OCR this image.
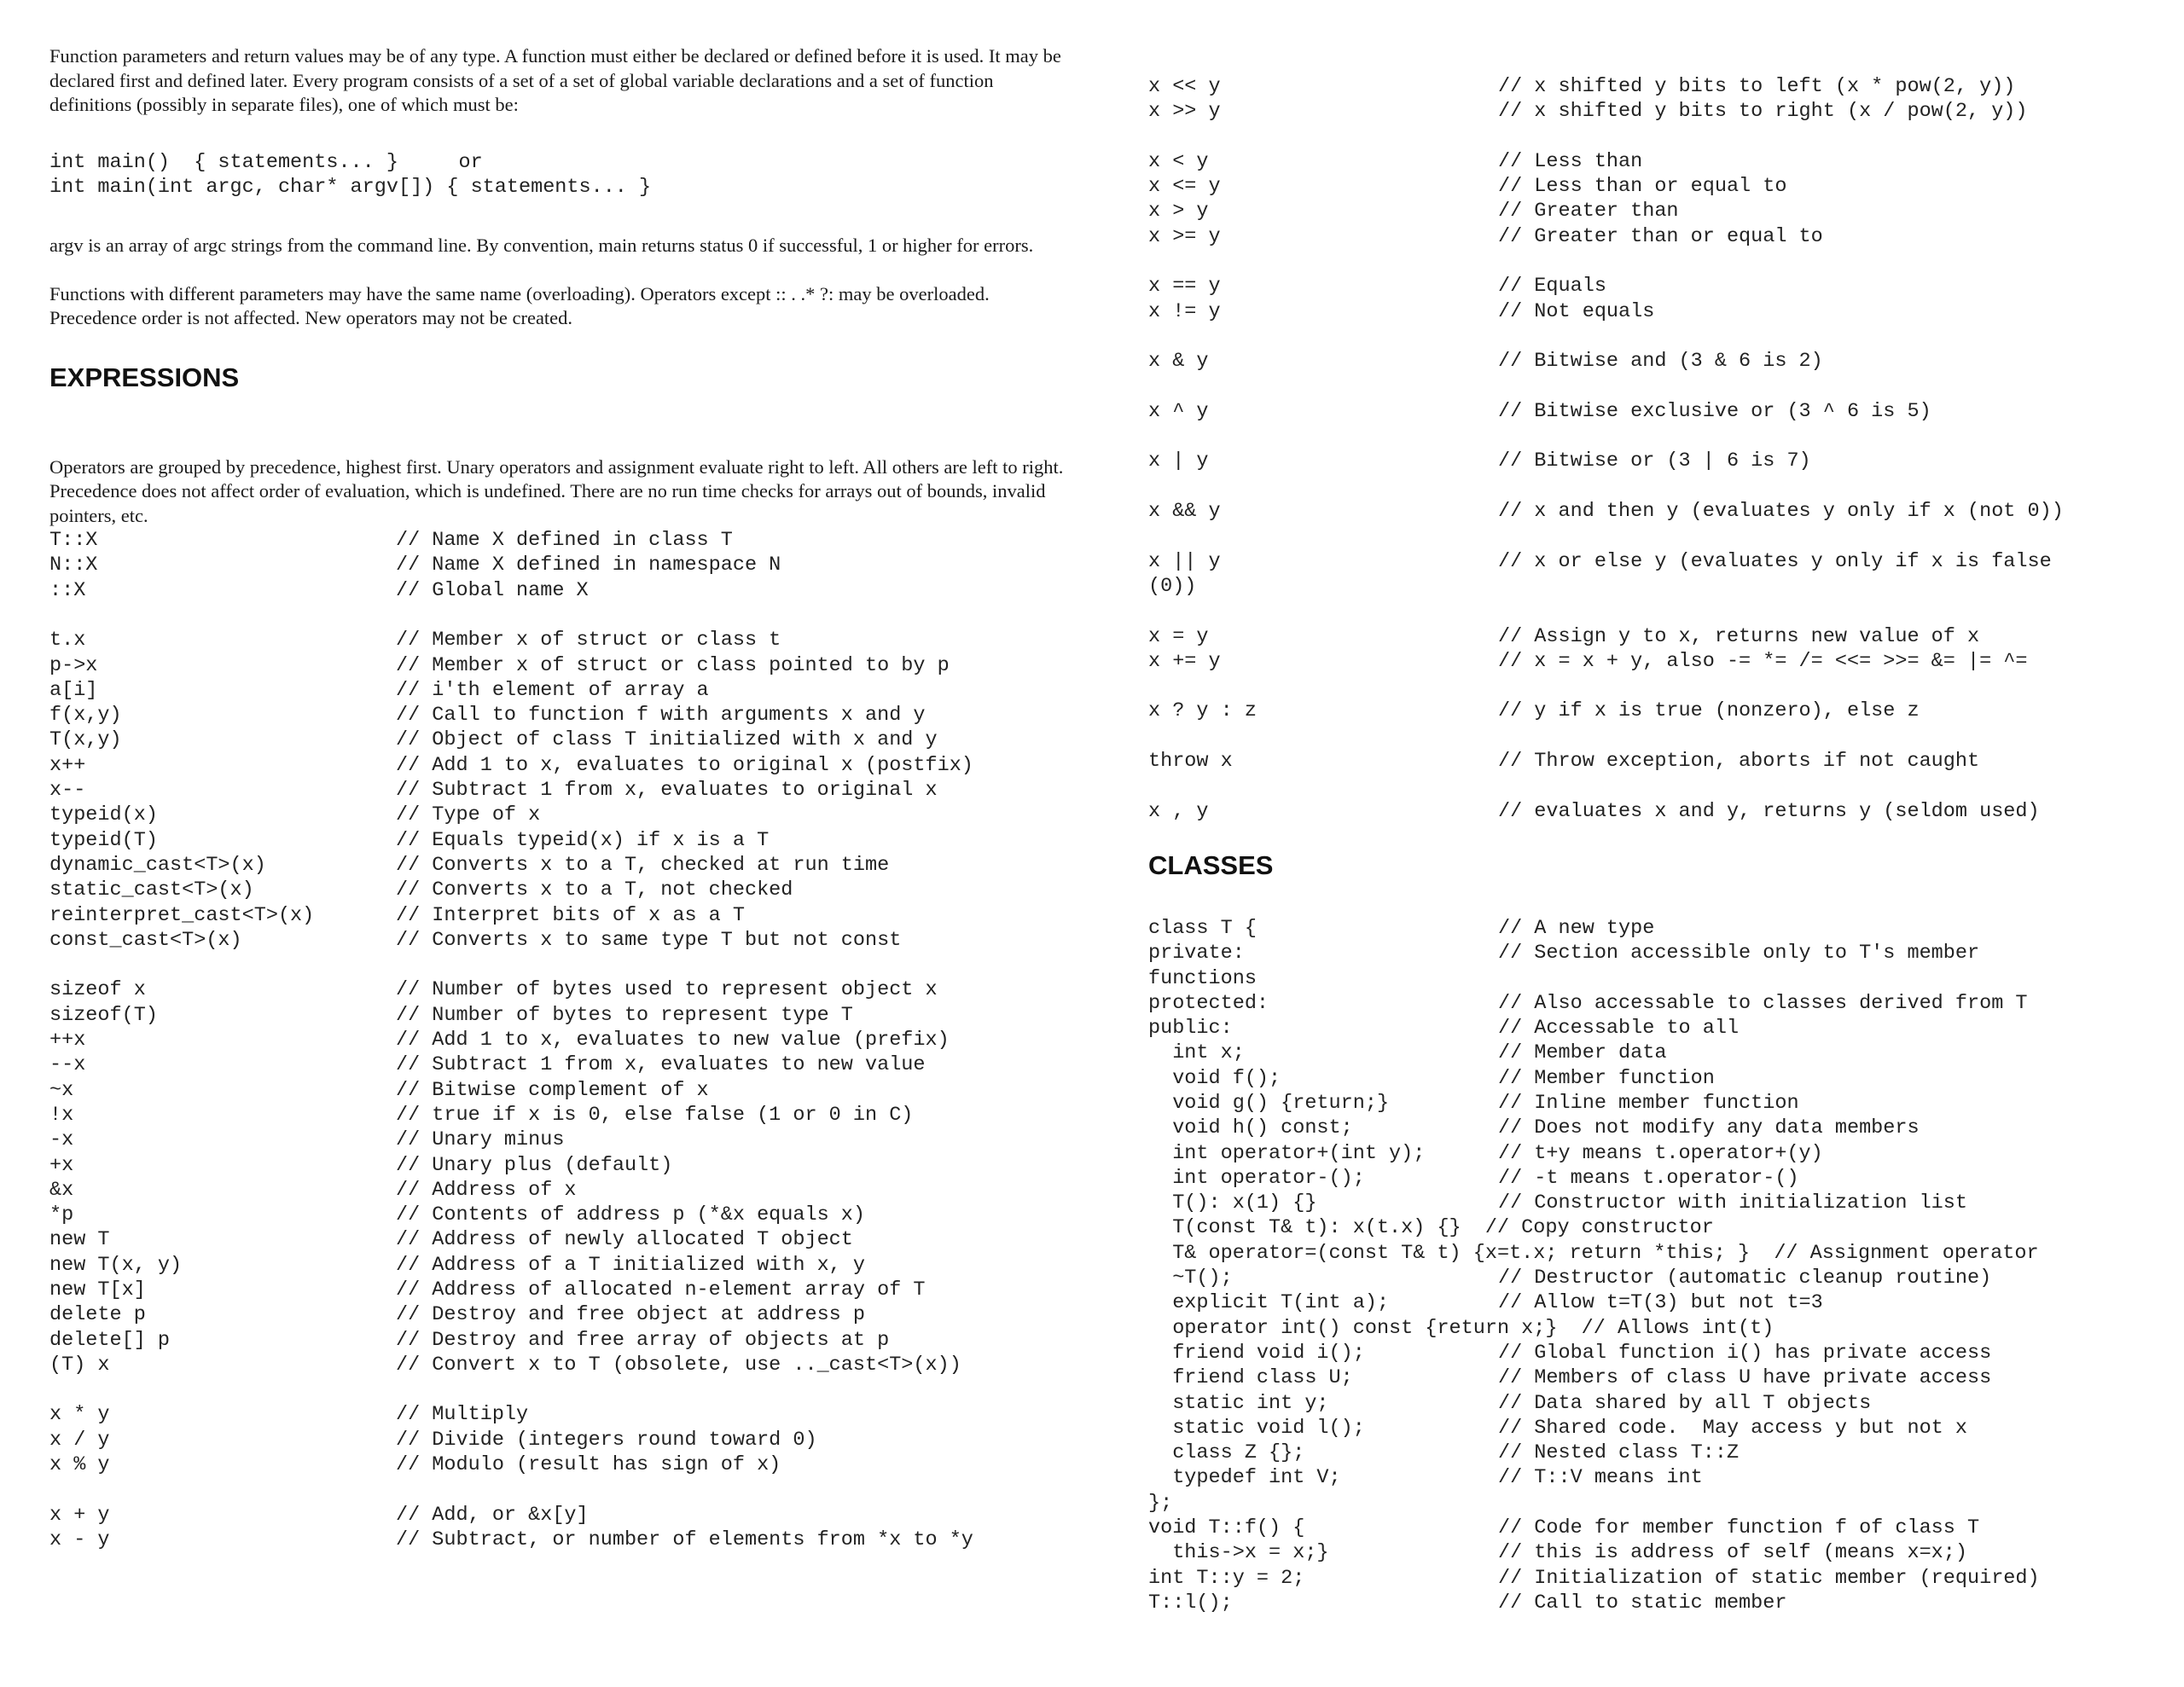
Function parameters and return values may be of any type. A function must either be declared or defined before it is used. It may be declared first and defined later. Every program consists of a set of a set of global variable declarations and a set of function definitions (possibly in separate files), one of which must be:

int main()  { statements... }     or
int main(int argc, char* argv[]) { statements... }

argv is an array of argc strings from the command line. By convention, main returns status 0 if successful, 1 or higher for errors.

Functions with different parameters may have the same name (overloading). Operators except :: . .* ?: may be overloaded. Precedence order is not affected. New operators may not be created.

EXPRESSIONS

Operators are grouped by precedence, highest first. Unary operators and assignment evaluate right to left. All others are left to right. Precedence does not affect order of evaluation, which is undefined. There are no run time checks for arrays out of bounds, invalid pointers, etc.

T::X	// Name X defined in class T
N::X	// Name X defined in namespace N
::X	// Global name X
t.x	// Member x of struct or class t
p->x	// Member x of struct or class pointed to by p
a[i]	// i'th element of array a
f(x,y)	// Call to function f with arguments x and y
T(x,y)	// Object of class T initialized with x and y
x++	// Add 1 to x, evaluates to original x (postfix)
x--	// Subtract 1 from x, evaluates to original x
typeid(x)	// Type of x
typeid(T)	// Equals typeid(x) if x is a T
dynamic_cast<T>(x)	// Converts x to a T, checked at run time
static_cast<T>(x)	// Converts x to a T, not checked
reinterpret_cast<T>(x)	// Interpret bits of x as a T
const_cast<T>(x)	// Converts x to same type T but not const
sizeof x	// Number of bytes used to represent object x
sizeof(T)	// Number of bytes to represent type T
++x	// Add 1 to x, evaluates to new value (prefix)
--x	// Subtract 1 from x, evaluates to new value
~x	// Bitwise complement of x
!x	// true if x is 0, else false (1 or 0 in C)
-x	// Unary minus
+x	// Unary plus (default)
&x	// Address of x
*p	// Contents of address p (*&x equals x)
new T	// Address of newly allocated T object
new T(x, y)	// Address of a T initialized with x, y
new T[x]	// Address of allocated n-element array of T
delete p	// Destroy and free object at address p
delete[] p	// Destroy and free array of objects at p
(T) x	// Convert x to T (obsolete, use .._cast<T>(x))
x * y	// Multiply
x / y	// Divide (integers round toward 0)
x % y	// Modulo (result has sign of x)
x + y	// Add, or &x[y]
x - y	// Subtract, or number of elements from *x to *y
x << y	// x shifted y bits to left (x * pow(2, y))
x >> y	// x shifted y bits to right (x / pow(2, y))
x < y	// Less than
x <= y	// Less than or equal to
x > y	// Greater than
x >= y	// Greater than or equal to
x == y	// Equals
x != y	// Not equals
x & y	// Bitwise and (3 & 6 is 2)
x ^ y	// Bitwise exclusive or (3 ^ 6 is 5)
x | y	// Bitwise or (3 | 6 is 7)
x && y	// x and then y (evaluates y only if x (not 0))
x || y	// x or else y (evaluates y only if x is false
(0))
x = y	// Assign y to x, returns new value of x
x += y	// x = x + y, also -= *= /= <<= >>= &= |= ^=
x ? y : z	// y if x is true (nonzero), else z
throw x	// Throw exception, aborts if not caught
x , y	// evaluates x and y, returns y (seldom used)
CLASSES
class T {	// A new type
private:	// Section accessible only to T's member
functions
protected:	// Also accessable to classes derived from T
public:	// Accessable to all
int x;	// Member data
void f();	// Member function
void g() {return;}	// Inline member function
void h() const;	// Does not modify any data members
int operator+(int y);	// t+y means t.operator+(y)
int operator-();	// -t means t.operator-()
T(): x(1) {}	// Constructor with initialization list
T(const T& t): x(t.x) {}  // Copy constructor
T& operator=(const T& t) {x=t.x; return *this; }  // Assignment operator
~T();	// Destructor (automatic cleanup routine)
explicit T(int a);	// Allow t=T(3) but not t=3
operator int() const {return x;}  // Allows int(t)
friend void i();	// Global function i() has private access
friend class U;	// Members of class U have private access
static int y;	// Data shared by all T objects
static void l();	// Shared code.  May access y but not x
class Z {};	// Nested class T::Z
typedef int V;	// T::V means int
};
void T::f() {	// Code for member function f of class T
this->x = x;}	// this is address of self (means x=x;)
int T::y = 2;	// Initialization of static member (required)
T::l();	// Call to static member
